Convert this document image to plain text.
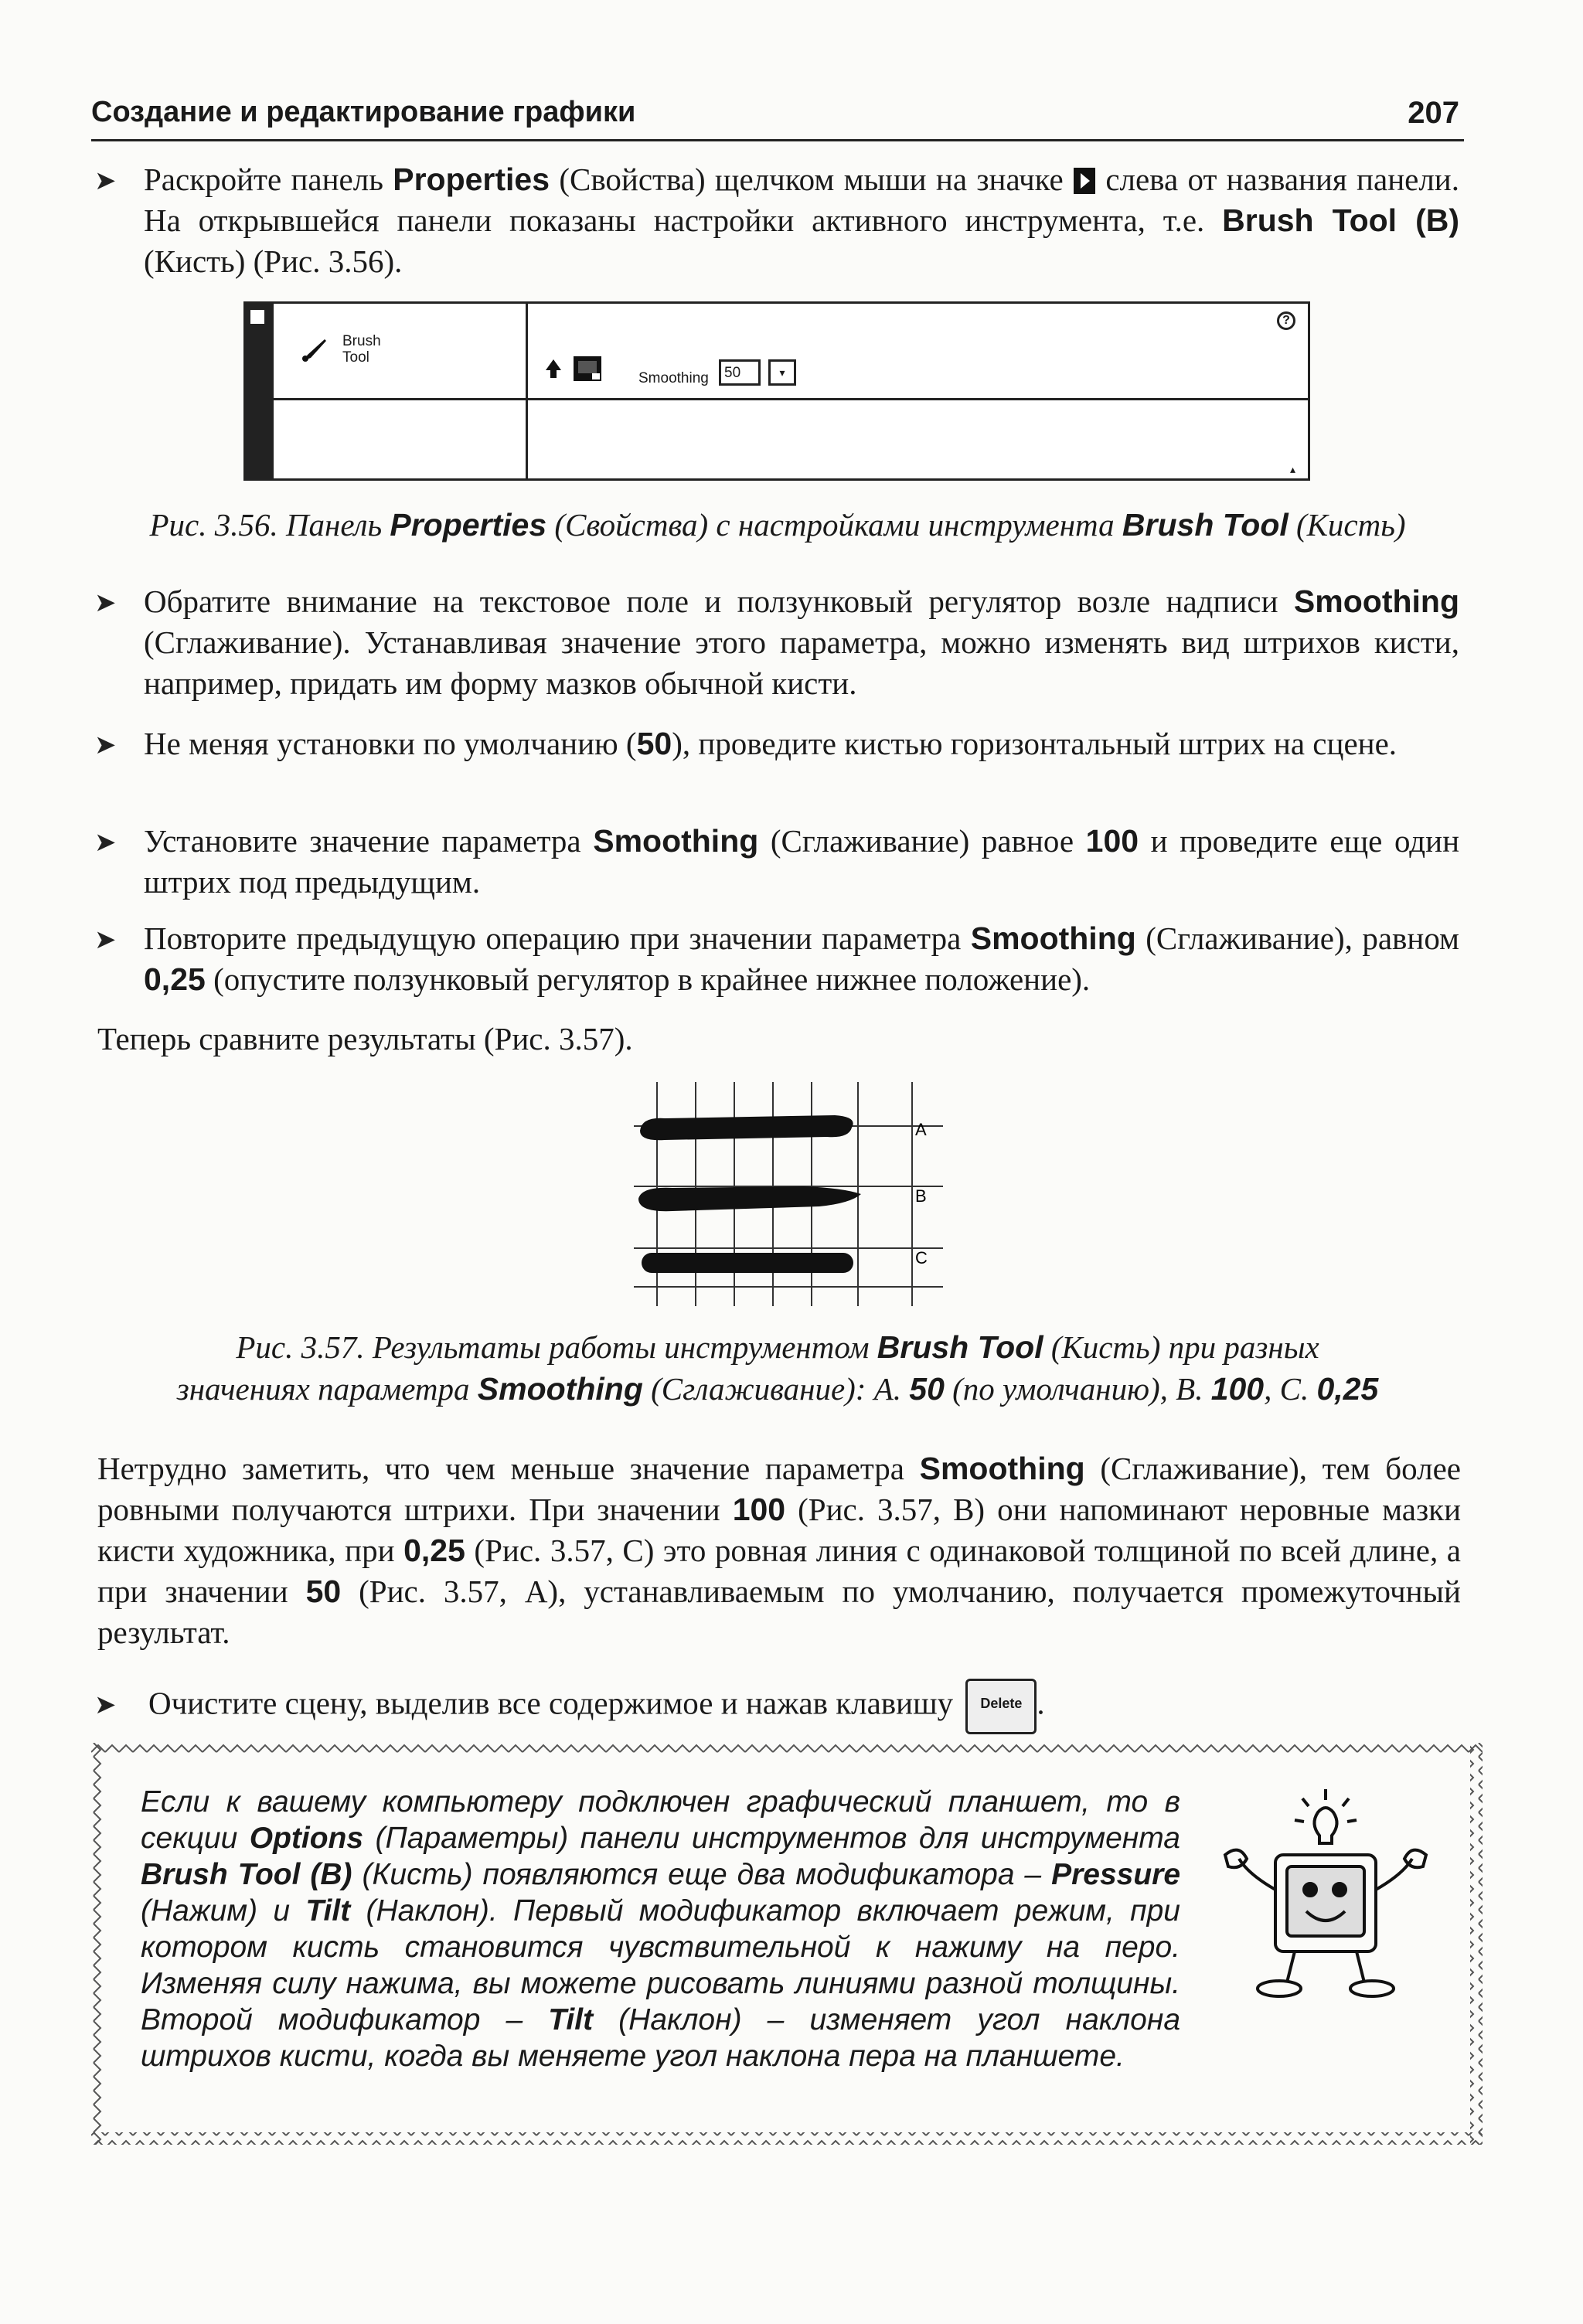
Создание и редактирование графики	207
➤ Раскройте панель Properties (Свойства) щелчком мыши на значке  слева от названия панели. На открывшейся панели показаны настройки активного инструмента, т.е. Brush Tool (B) (Кисть) (Рис. 3.56).
Brush Tool
Smoothing	50	▾
?
▴
Рис. 3.56. Панель Properties (Свойства) с настройками инструмента Brush Tool (Кисть)
➤ Обратите внимание на текстовое поле и ползунковый регулятор возле надписи Smoothing (Сглаживание). Устанавливая значение этого параметра, можно изменять вид штрихов кисти, например, придать им форму мазков обычной кисти.
➤ Не меняя установки по умолчанию (50), проведите кистью горизонтальный штрих на сцене.
➤ Установите значение параметра Smoothing (Сглаживание) равное 100 и проведите еще один штрих под предыдущим.
➤ Повторите предыдущую операцию при значении параметра Smoothing (Сглаживание), равном 0,25 (опустите ползунковый регулятор в крайнее нижнее положение).
Теперь сравните результаты (Рис. 3.57).
A
B
C
Рис. 3.57. Результаты работы инструментом Brush Tool (Кисть) при разных
значениях параметра Smoothing (Сглаживание): А. 50 (по умолчанию), В. 100, С. 0,25
Нетрудно заметить, что чем меньше значение параметра Smoothing (Сглаживание), тем более ровными получаются штрихи. При значении 100 (Рис. 3.57, В) они напоминают неровные мазки кисти художника, при 0,25 (Рис. 3.57, С) это ровная линия с одинаковой толщиной по всей длине, а при значении 50 (Рис. 3.57, А), устанавливаемым по умолчанию, получается промежуточный результат.
➤ Очистите сцену, выделив все содержимое и нажав клавишу Delete .
Если к вашему компьютеру подключен графический планшет, то в секции Options (Параметры) панели инструментов для инструмента Brush Tool (B) (Кисть) появляются еще два модификатора – Pressure (Нажим) и Tilt (Наклон). Первый модификатор включает режим, при котором кисть становится чувствительной к нажиму на перо. Изменяя силу нажима, вы можете рисовать линиями разной толщины. Второй модификатор – Tilt (Наклон) – изменяет угол наклона штрихов кисти, когда вы меняете угол наклона пера на планшете.
